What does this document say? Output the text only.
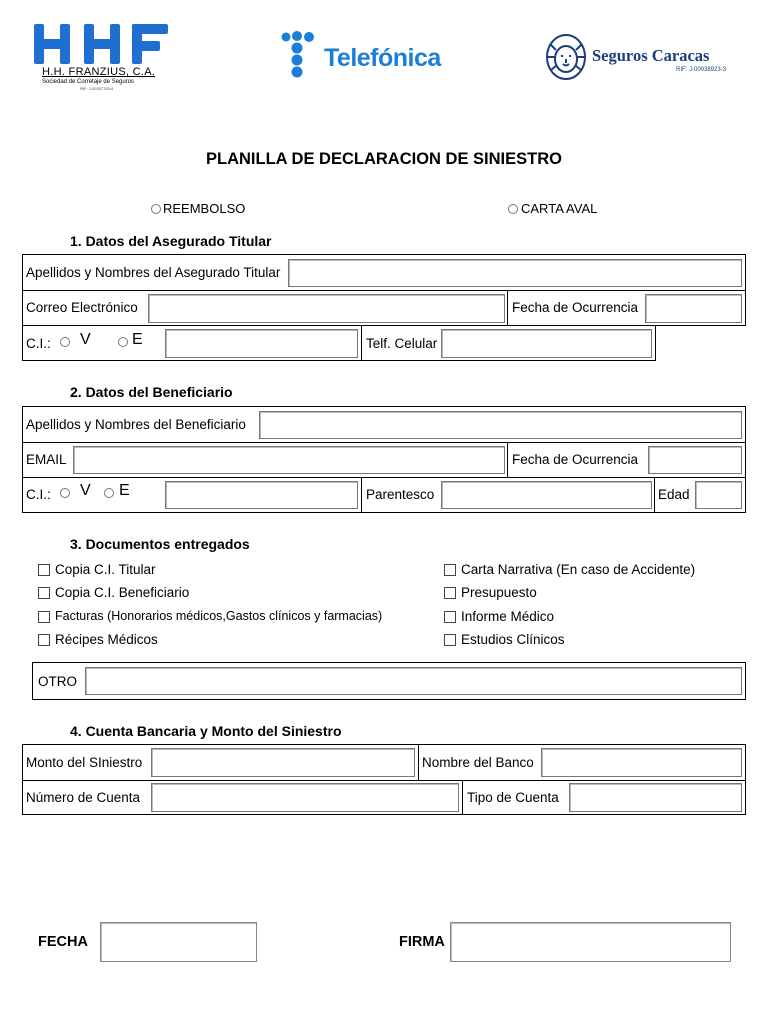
H.H. FRANZIUS, C.A.
Sociedad de Corretaje de Seguros
RIF: J-00337763-6
Telefónica	Seguros Caracas
RIF: J-00038923-3
PLANILLA DE DECLARACION DE SINIESTRO
REEMBOLSO	CARTA AVAL
1. Datos del Asegurado Titular
Apellidos y Nombres del Asegurado Titular
Correo Electrónico	Fecha de Ocurrencia
C.I.: V	E	Telf. Celular
2. Datos del Beneficiario
Apellidos y Nombres del Beneficiario
EMAIL	Fecha de Ocurrencia
C.I.: V E	Parentesco	Edad
3. Documentos entregados
Copia C.I. Titular
Copia C.I. Beneficiario
Facturas (Honorarios médicos,Gastos clínicos y farmacias)
Récipes Médicos
Carta Narrativa (En caso de Accidente)
Presupuesto
Informe Médico
Estudios Clínicos
OTRO
4. Cuenta Bancaria y Monto del Siniestro
Monto del SIniestro	Nombre del Banco
Número de Cuenta	Tipo de Cuenta
FECHA	FIRMA
